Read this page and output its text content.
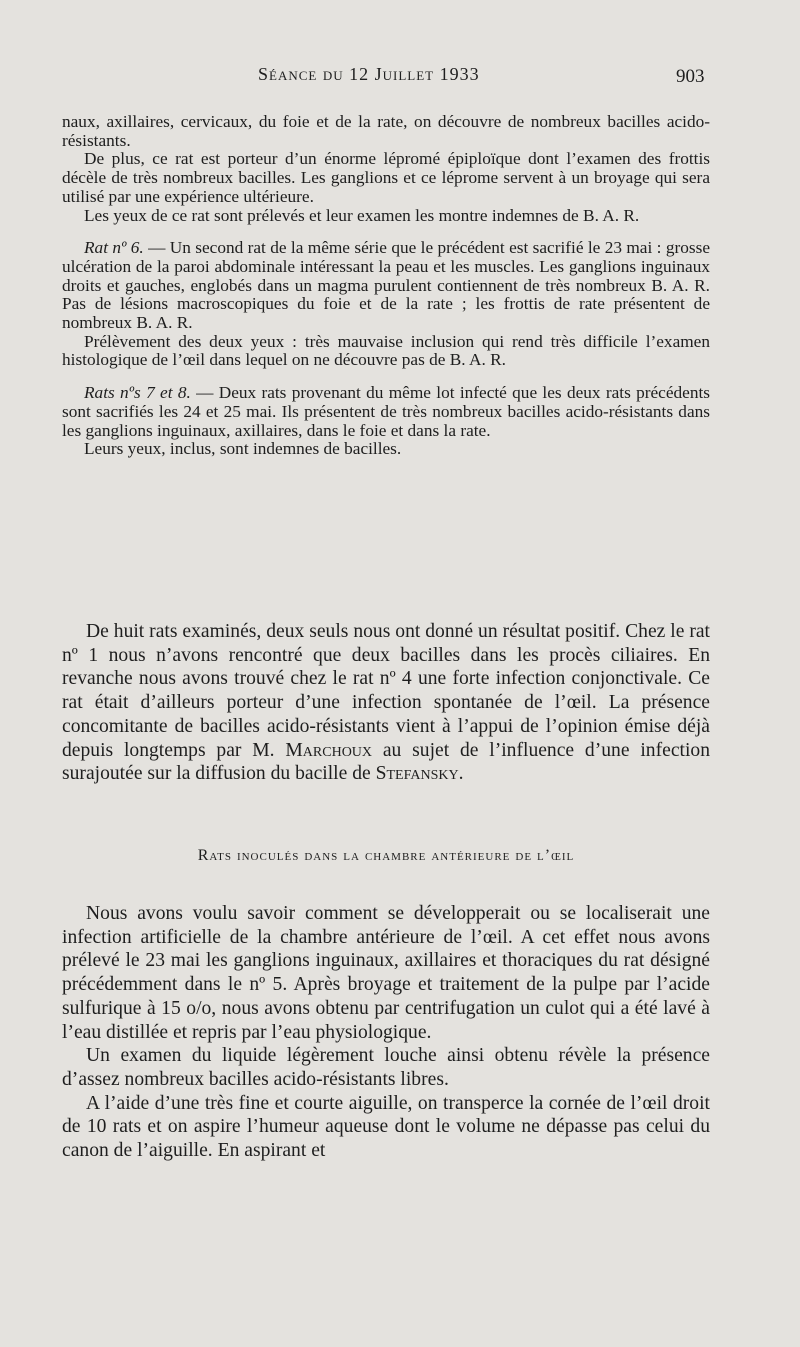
Séance du 12 Juillet 1933	903

naux, axillaires, cervicaux, du foie et de la rate, on découvre de nombreux bacilles acido-résistants.

De plus, ce rat est porteur d’un énorme lépromé épiploïque dont l’examen des frottis décèle de très nombreux bacilles. Les ganglions et ce léprome servent à un broyage qui sera utilisé par une expérience ultérieure.

Les yeux de ce rat sont prélevés et leur examen les montre indemnes de B. A. R.

Rat nº 6. — Un second rat de la même série que le précédent est sacrifié le 23 mai : grosse ulcération de la paroi abdominale intéressant la peau et les muscles. Les ganglions inguinaux droits et gauches, englobés dans un magma purulent contiennent de très nombreux B. A. R. Pas de lésions macroscopiques du foie et de la rate ; les frottis de rate présentent de nombreux B. A. R.

Prélèvement des deux yeux : très mauvaise inclusion qui rend très difficile l’examen histologique de l’œil dans lequel on ne découvre pas de B. A. R.

Rats nºs 7 et 8. — Deux rats provenant du même lot infecté que les deux rats précédents sont sacrifiés les 24 et 25 mai. Ils présentent de très nombreux bacilles acido-résistants dans les ganglions inguinaux, axillaires, dans le foie et dans la rate.

Leurs yeux, inclus, sont indemnes de bacilles.

De huit rats examinés, deux seuls nous ont donné un résultat positif. Chez le rat nº 1 nous n’avons rencontré que deux bacilles dans les procès ciliaires. En revanche nous avons trouvé chez le rat nº 4 une forte infection conjonctivale. Ce rat était d’ailleurs porteur d’une infection spontanée de l’œil. La présence concomitante de bacilles acido-résistants vient à l’appui de l’opinion émise déjà depuis longtemps par M. Marchoux au sujet de l’influence d’une infection surajoutée sur la diffusion du bacille de Stefansky.

Rats inoculés dans la chambre antérieure de l’œil

Nous avons voulu savoir comment se développerait ou se localiserait une infection artificielle de la chambre antérieure de l’œil. A cet effet nous avons prélevé le 23 mai les ganglions inguinaux, axillaires et thoraciques du rat désigné précédemment dans le nº 5. Après broyage et traitement de la pulpe par l’acide sulfurique à 15 o/o, nous avons obtenu par centrifugation un culot qui a été lavé à l’eau distillée et repris par l’eau physiologique.

Un examen du liquide légèrement louche ainsi obtenu révèle la présence d’assez nombreux bacilles acido-résistants libres.

A l’aide d’une très fine et courte aiguille, on transperce la cornée de l’œil droit de 10 rats et on aspire l’humeur aqueuse dont le volume ne dépasse pas celui du canon de l’aiguille. En aspirant et
